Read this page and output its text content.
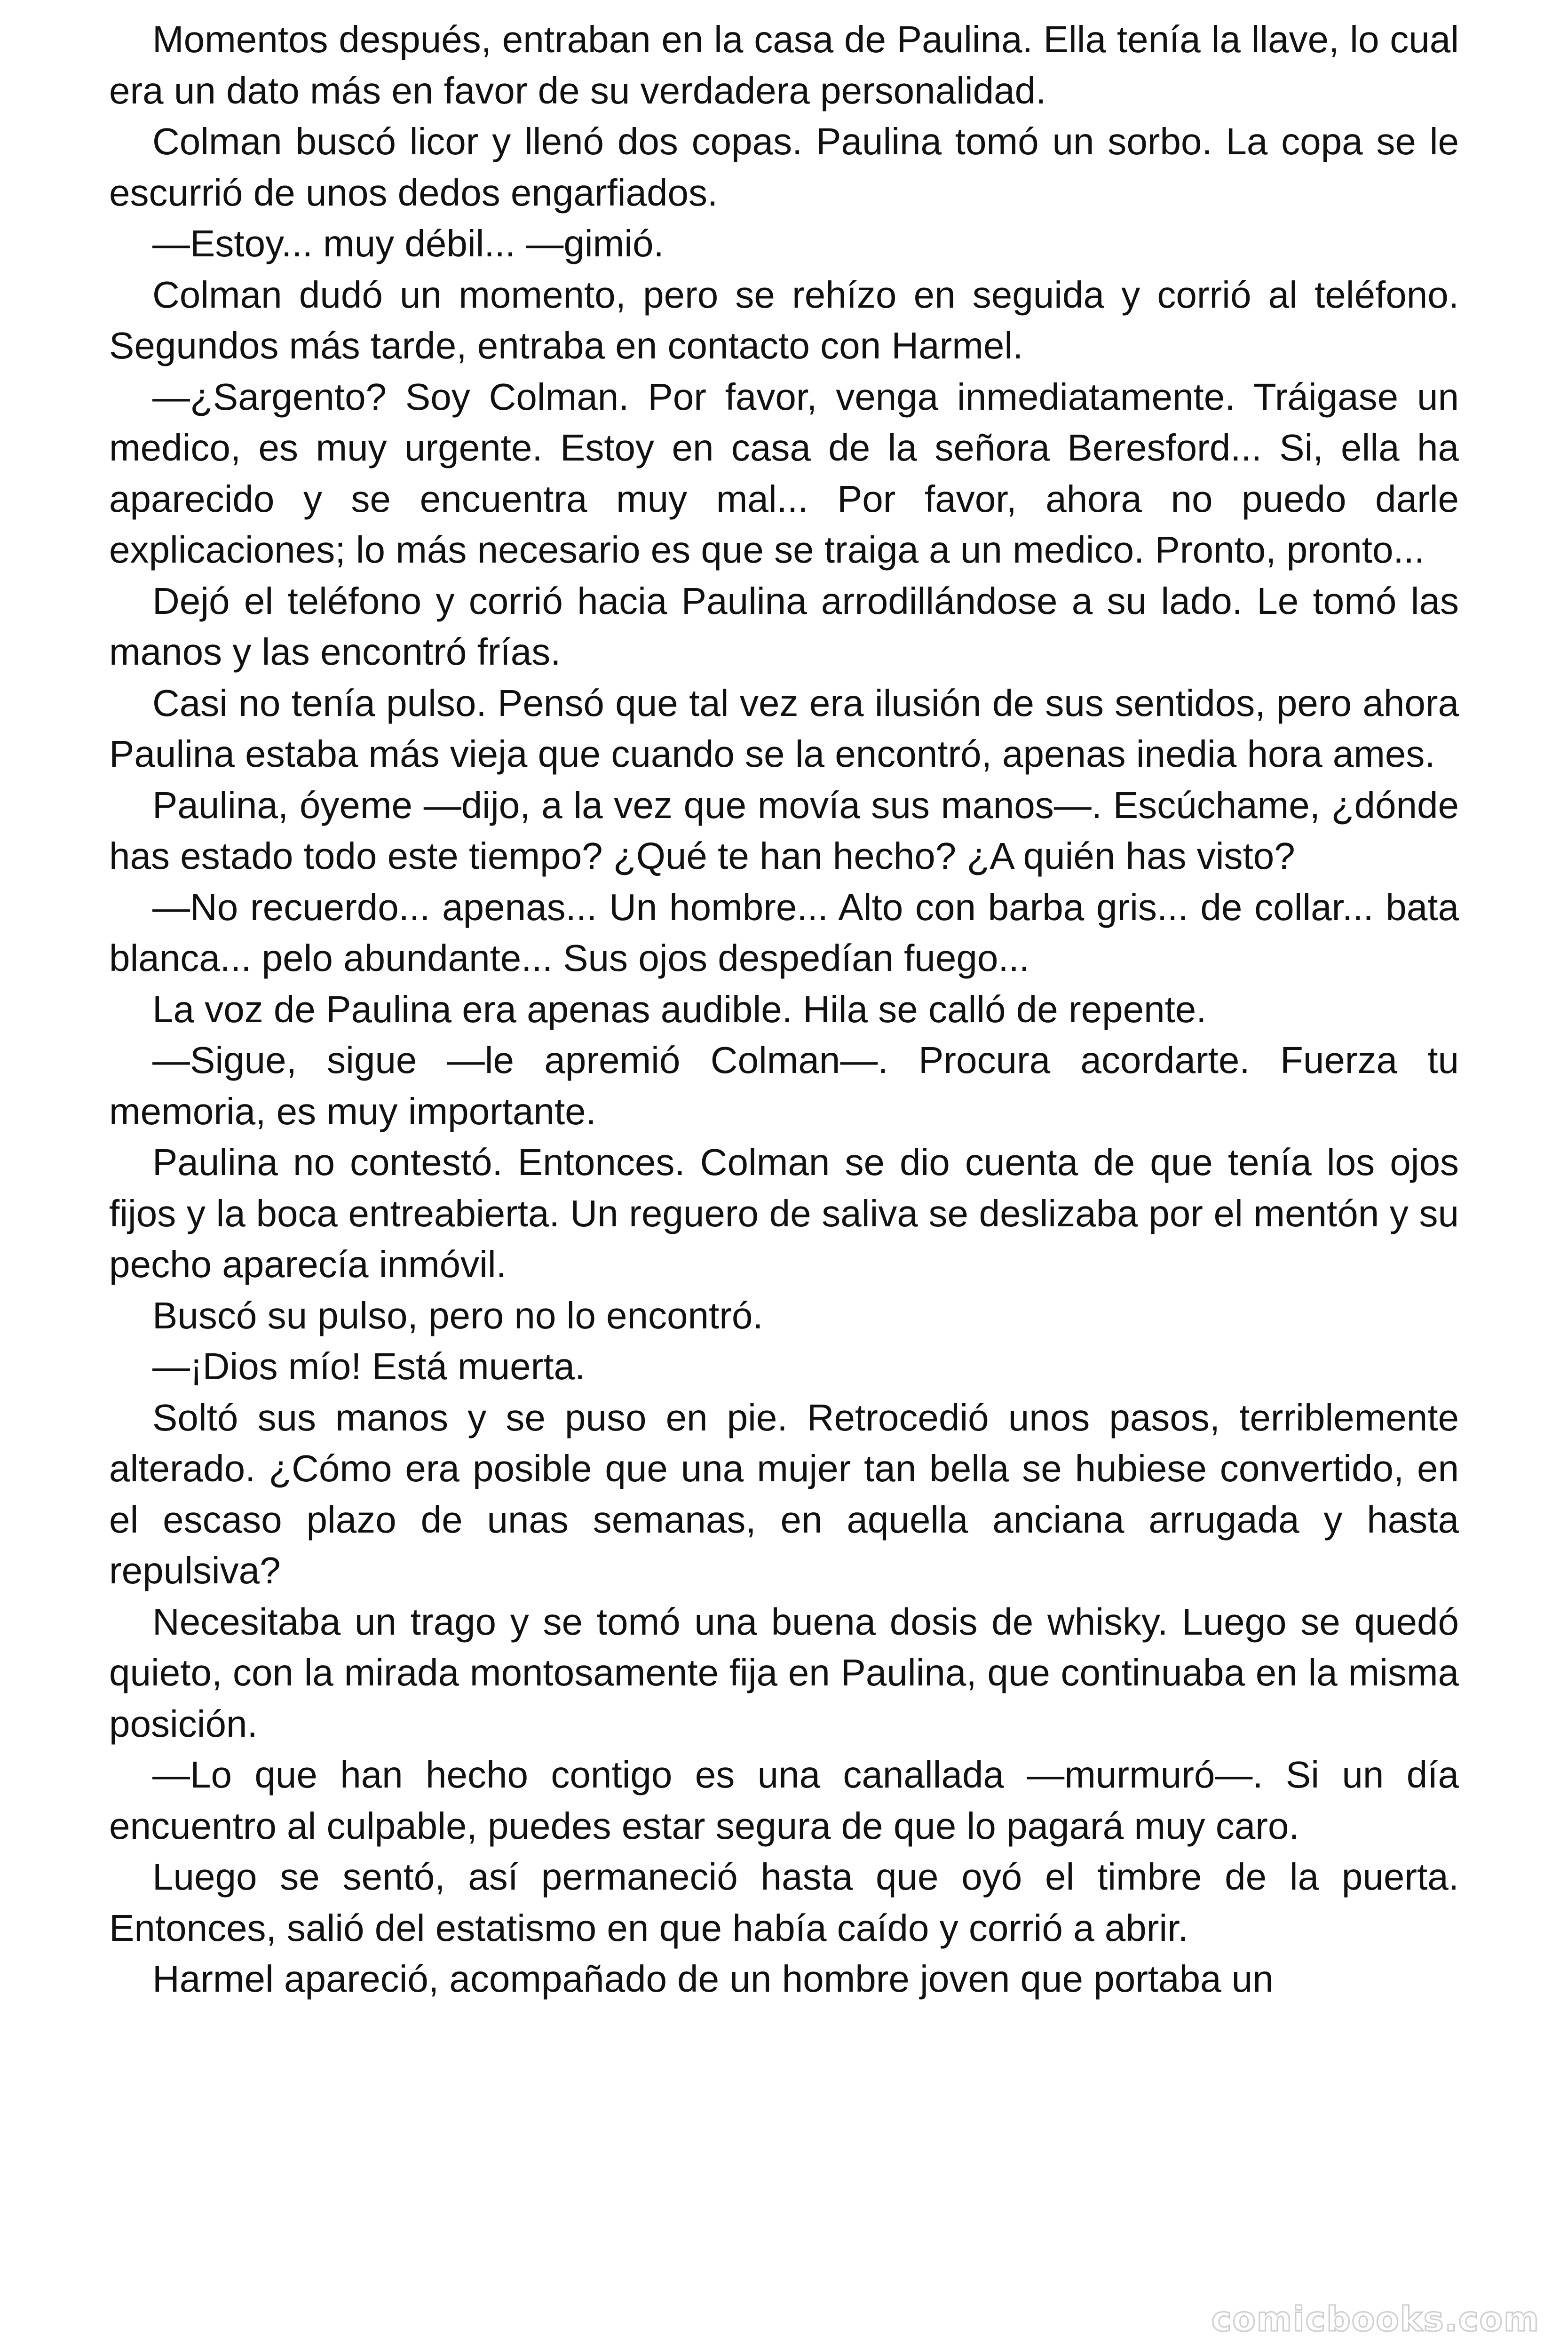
Momentos después, entraban en la casa de Paulina. Ella tenía la llave, lo cual era un dato más en favor de su verdadera personalidad.

Colman buscó licor y llenó dos copas. Paulina tomó un sorbo. La copa se le escurrió de unos dedos engarfiados.

—Estoy... muy débil... —gimió.

Colman dudó un momento, pero se rehízo en seguida y corrió al teléfono. Segundos más tarde, entraba en contacto con Harmel.

—¿Sargento? Soy Colman. Por favor, venga inmediatamente. Tráigase un medico, es muy urgente. Estoy en casa de la señora Beresford... Si, ella ha aparecido y se encuentra muy mal... Por favor, ahora no puedo darle explicaciones; lo más necesario es que se traiga a un medico. Pronto, pronto...

Dejó el teléfono y corrió hacia Paulina arrodillándose a su lado. Le tomó las manos y las encontró frías.

Casi no tenía pulso. Pensó que tal vez era ilusión de sus sentidos, pero ahora Paulina estaba más vieja que cuando se la encontró, apenas inedia hora ames.

Paulina, óyeme —dijo, a la vez que movía sus manos—. Escúchame, ¿dónde has estado todo este tiempo? ¿Qué te han hecho? ¿A quién has visto?

—No recuerdo... apenas... Un hombre... Alto con barba gris... de collar... bata blanca... pelo abundante... Sus ojos despedían fuego...

La voz de Paulina era apenas audible. Hila se calló de repente.

—Sigue, sigue —le apremió Colman—. Procura acordarte. Fuerza tu memoria, es muy importante.

Paulina no contestó. Entonces. Colman se dio cuenta de que tenía los ojos fijos y la boca entreabierta. Un reguero de saliva se deslizaba por el mentón y su pecho aparecía inmóvil.

Buscó su pulso, pero no lo encontró.

—¡Dios mío! Está muerta.

Soltó sus manos y se puso en pie. Retrocedió unos pasos, terriblemente alterado. ¿Cómo era posible que una mujer tan bella se hubiese convertido, en el escaso plazo de unas semanas, en aquella anciana arrugada y hasta repulsiva?

Necesitaba un trago y se tomó una buena dosis de whisky. Luego se quedó quieto, con la mirada montosamente fija en Paulina, que continuaba en la misma posición.

—Lo que han hecho contigo es una canallada —murmuró—. Si un día encuentro al culpable, puedes estar segura de que lo pagará muy caro.

Luego se sentó, así permaneció hasta que oyó el timbre de la puerta. Entonces, salió del estatismo en que había caído y corrió a abrir.

Harmel apareció, acompañado de un hombre joven que portaba un

comicbooks.com
